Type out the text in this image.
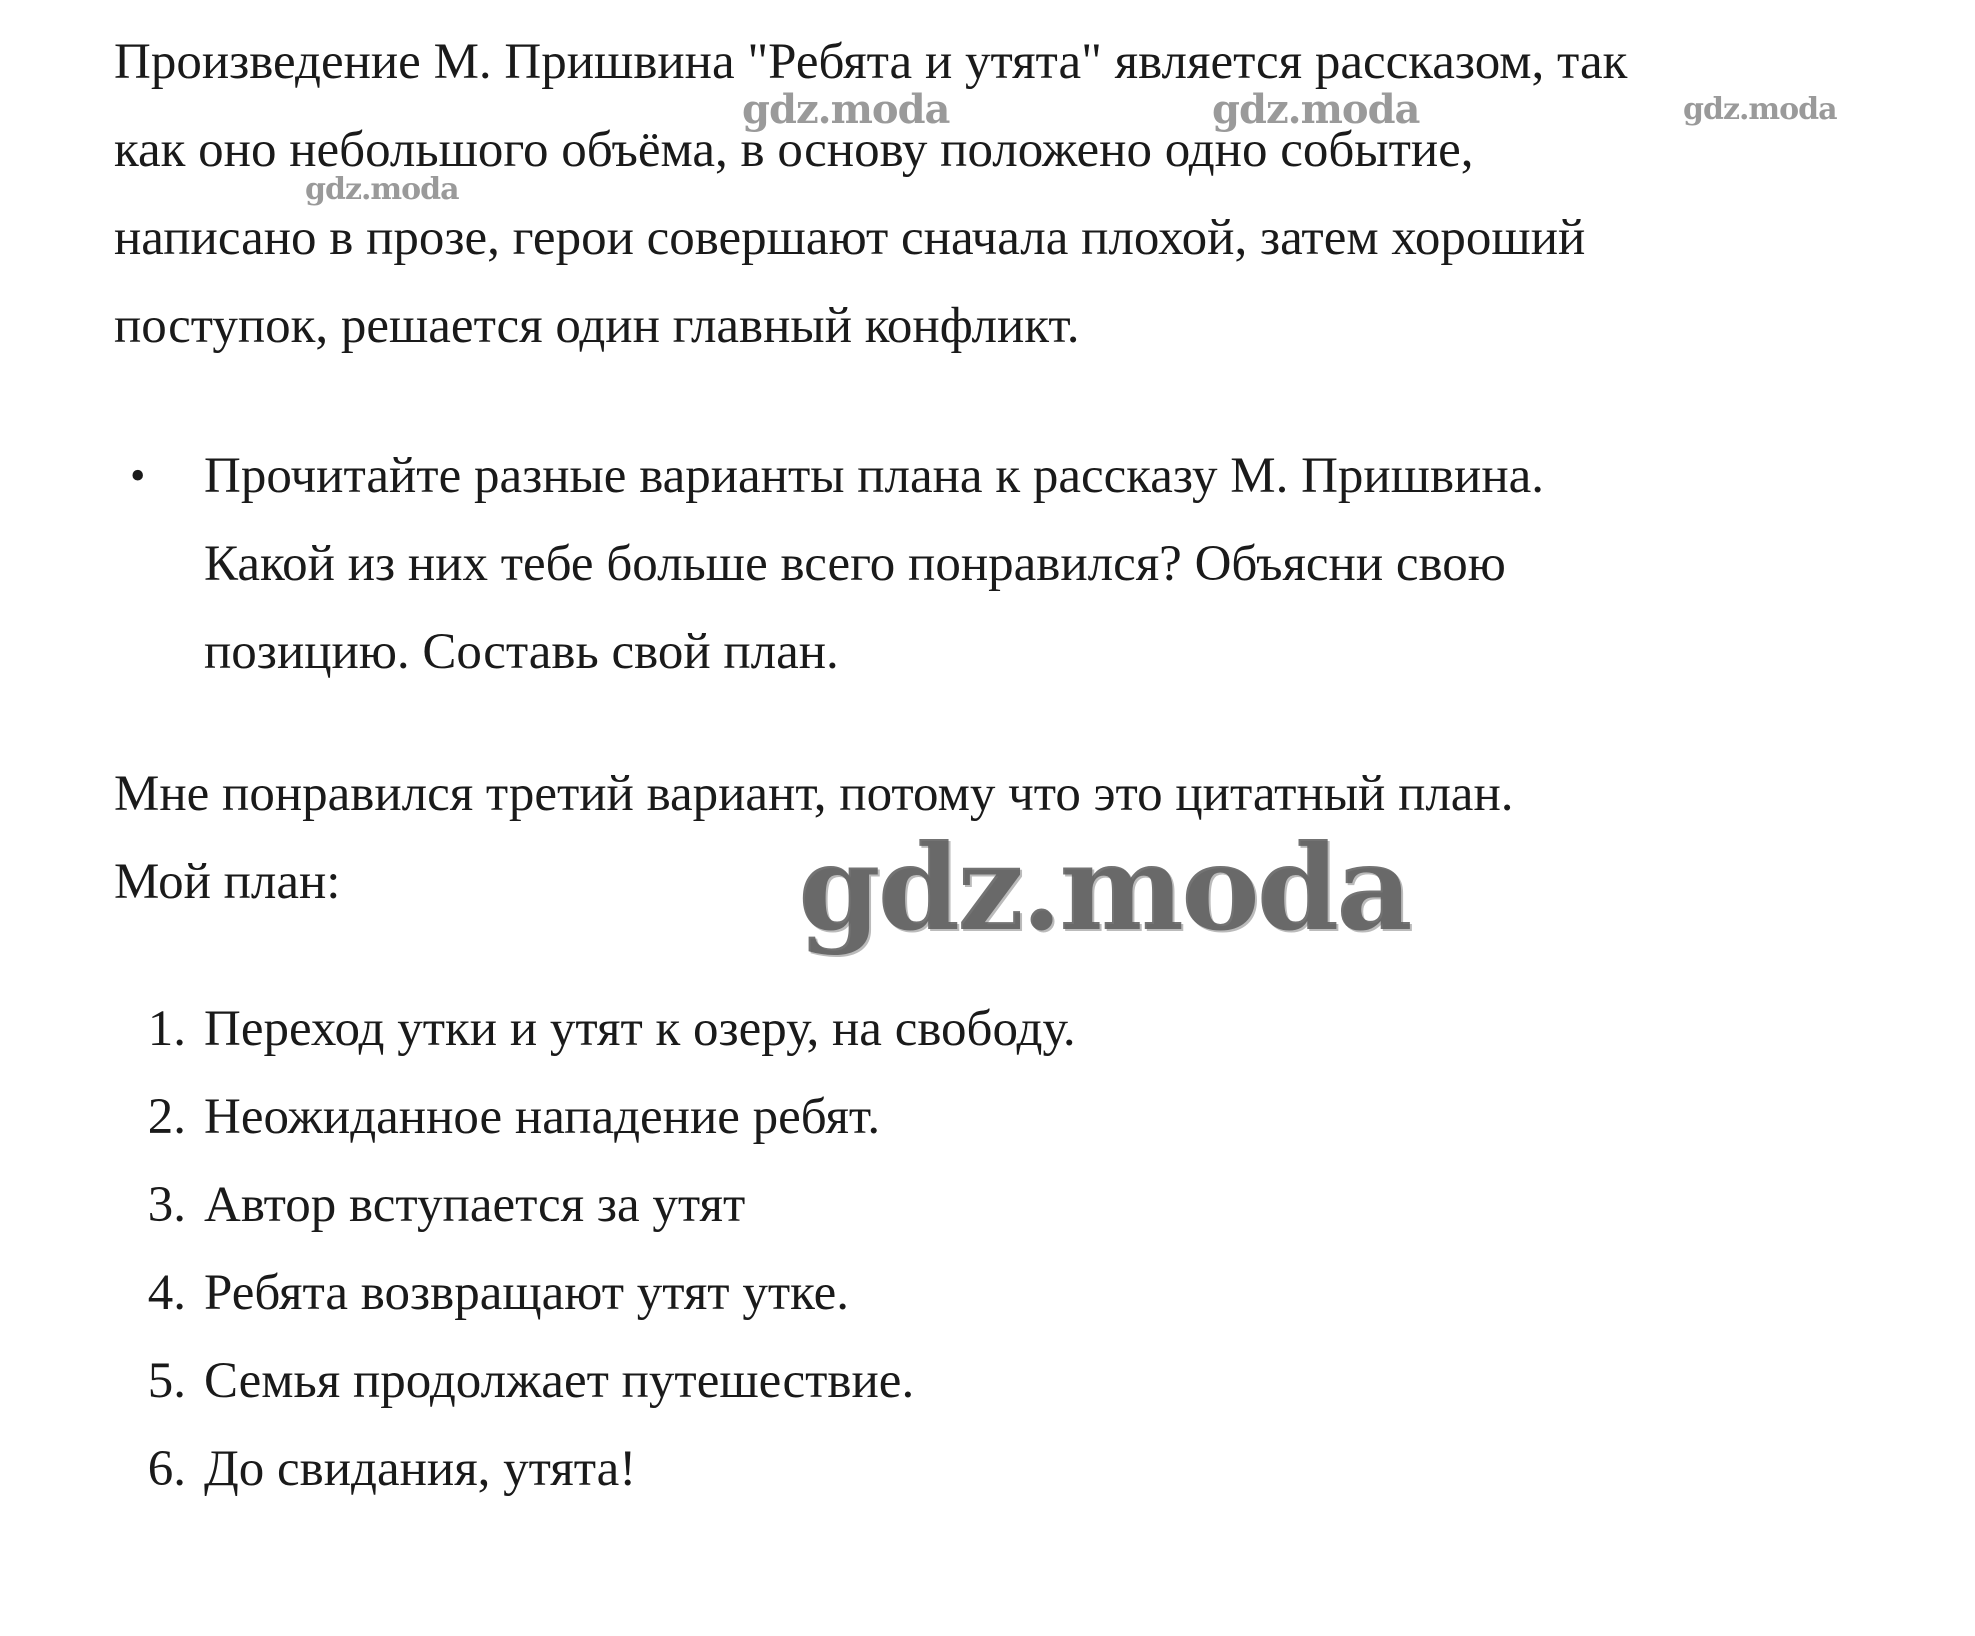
Произведение М. Пришвина "Ребята и утята" является рассказом, так
как оно небольшого объёма, в основу положено одно событие,
написано в прозе, герои совершают сначала плохой, затем хороший
поступок, решается один главный конфликт.
• Прочитайте разные варианты плана к рассказу М. Пришвина.
Какой из них тебе больше всего понравился? Объясни свою
позицию. Составь свой план.
Мне понравился третий вариант, потому что это цитатный план.
Мой план:
1. Переход утки и утят к озеру, на свободу.
2. Неожиданное нападение ребят.
3. Автор вступается за утят
4. Ребята возвращают утят утке.
5. Семья продолжает путешествие.
6. До свидания, утята!
gdz.moda	gdz.moda	gdz.moda
gdz.moda
gdz.moda
